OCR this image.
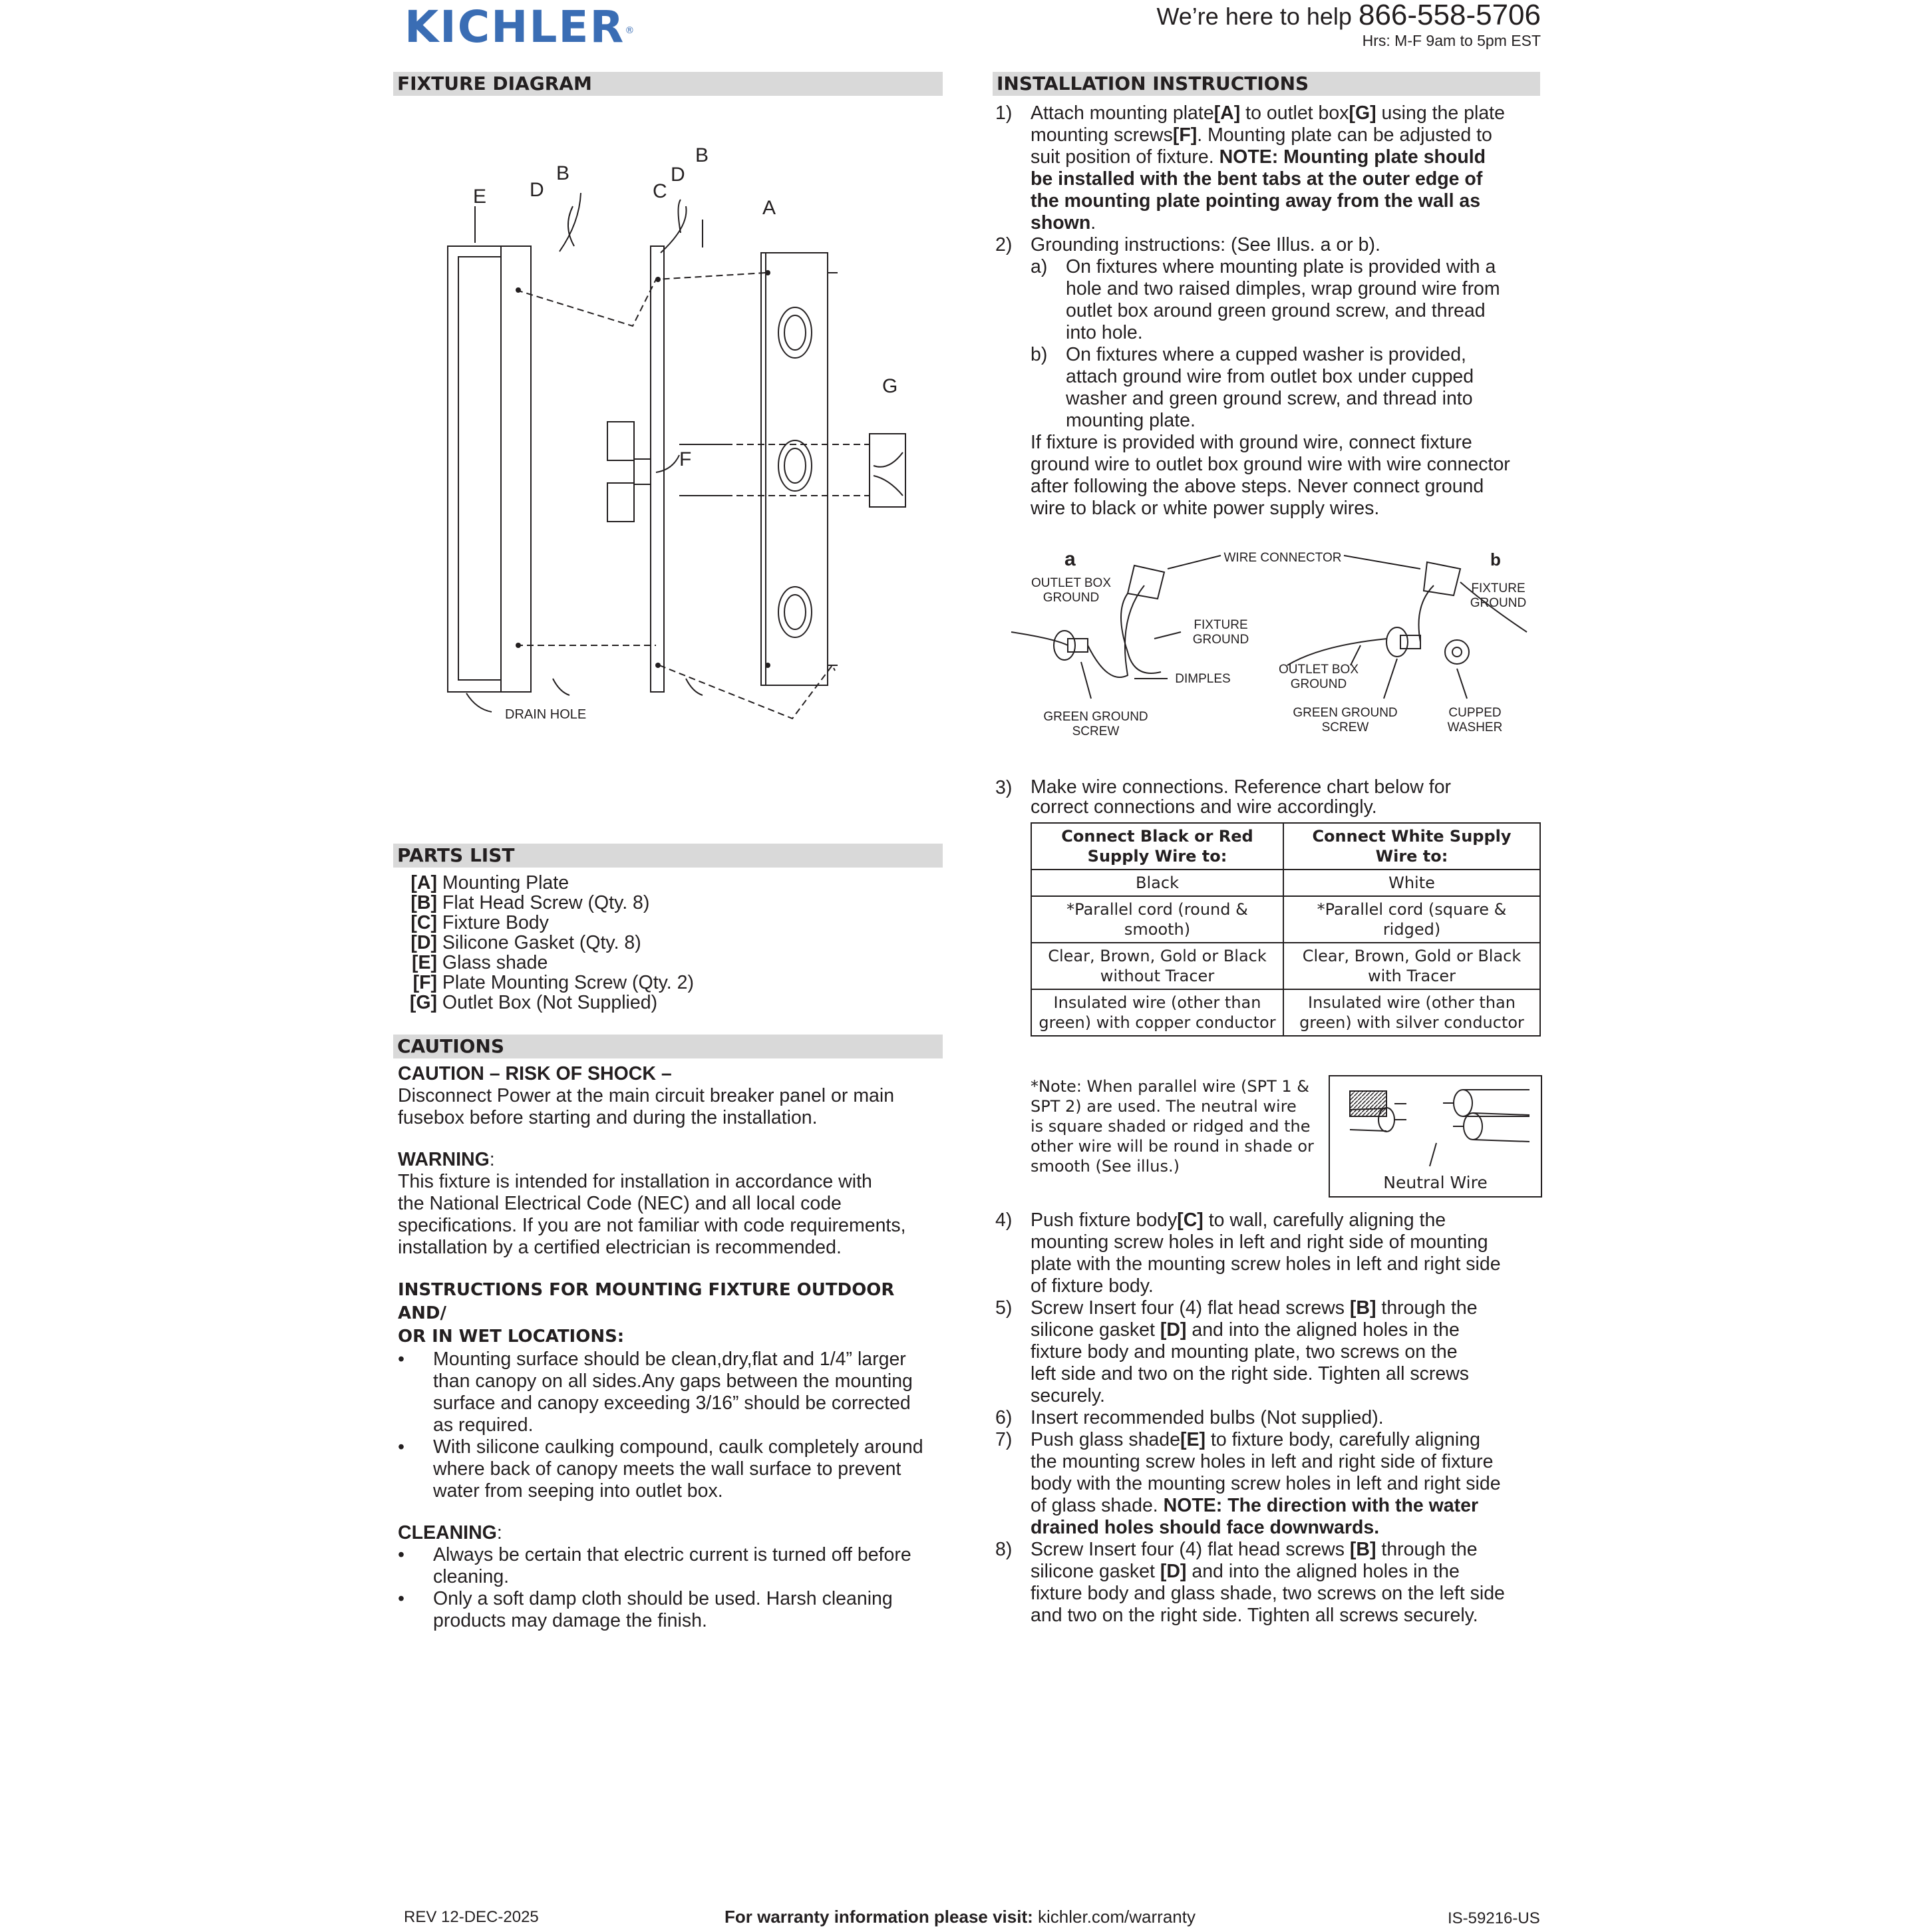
KICHLER®
We’re here to help 866-558-5706
Hrs: M-F 9am to 5pm EST
FIXTURE DIAGRAM
E D
B
C
D
B
A
G
F
DRAIN HOLE
PARTS LIST
[A] Mounting Plate
[B] Flat Head Screw (Qty. 8)
[C] Fixture Body
[D] Silicone Gasket (Qty. 8)
[E] Glass shade
[F] Plate Mounting Screw (Qty. 2)
[G] Outlet Box (Not Supplied)
CAUTIONS
CAUTION – RISK OF SHOCK –
Disconnect Power at the main circuit breaker panel or main
fusebox before starting and during the installation.
WARNING:
This fixture is intended for installation in accordance with
the National Electrical Code (NEC) and all local code
specifications. If you are not familiar with code requirements,
installation by a certified electrician is recommended.
INSTRUCTIONS FOR MOUNTING FIXTURE OUTDOOR AND/
OR IN WET LOCATIONS:
• Mounting surface should be clean,dry,flat and 1/4” larger
than canopy on all sides.Any gaps between the mounting
surface and canopy exceeding 3/16” should be corrected
as required.
• With silicone caulking compound, caulk completely around
where back of canopy meets the wall surface to prevent
water from seeping into outlet box.
CLEANING:
• Always be certain that electric current is turned off before
cleaning.
• Only a soft damp cloth should be used. Harsh cleaning
products may damage the finish.
INSTALLATION INSTRUCTIONS
1) Attach mounting plate[A] to outlet box[G] using the plate
mounting screws[F]. Mounting plate can be adjusted to
suit position of fixture. NOTE: Mounting plate should
be installed with the bent tabs at the outer edge of
the mounting plate pointing away from the wall as
shown.
2) Grounding instructions: (See Illus. a or b).
a) On fixtures where mounting plate is provided with a
hole and two raised dimples, wrap ground wire from
outlet box around green ground screw, and thread
into hole.
b) On fixtures where a cupped washer is provided,
attach ground wire from outlet box under cupped
washer and green ground screw, and thread into
mounting plate.
If fixture is provided with ground wire, connect fixture
ground wire to outlet box ground wire with wire connector
after following the above steps. Never connect ground
wire to black or white power supply wires.
a	b
WIRE CONNECTOR
OUTLET BOX
GROUND
FIXTURE
GROUND
DIMPLES
GREEN GROUND
SCREW
FIXTURE
GROUND
OUTLET BOX
GROUND
GREEN GROUND
SCREW
CUPPED
WASHER
3) Make wire connections. Reference chart below for
correct connections and wire accordingly.
Connect Black or Red Supply Wire to:	Connect White Supply Wire to:
Black	White
*Parallel cord (round & smooth)	*Parallel cord (square & ridged)
Clear, Brown, Gold or Black without Tracer	Clear, Brown, Gold or Black with Tracer
Insulated wire (other than green) with copper conductor	Insulated wire (other than green) with silver conductor
*Note: When parallel wire (SPT 1 &
SPT 2) are used. The neutral wire
is square shaded or ridged and the
other wire will be round in shade or
smooth (See illus.)
Neutral Wire
4) Push fixture body[C] to wall, carefully aligning the
mounting screw holes in left and right side of mounting
plate with the mounting screw holes in left and right side
of fixture body.
5) Screw Insert four (4) flat head screws [B] through the
silicone gasket [D] and into the aligned holes in the
fixture body and mounting plate, two screws on the
left side and two on the right side. Tighten all screws
securely.
6) Insert recommended bulbs (Not supplied).
7) Push glass shade[E] to fixture body, carefully aligning
the mounting screw holes in left and right side of fixture
body with the mounting screw holes in left and right side
of glass shade. NOTE: The direction with the water
drained holes should face downwards.
8) Screw Insert four (4) flat head screws [B] through the
silicone gasket [D] and into the aligned holes in the
fixture body and glass shade, two screws on the left side
and two on the right side. Tighten all screws securely.
REV 12-DEC-2025	For warranty information please visit: kichler.com/warranty	IS-59216-US
